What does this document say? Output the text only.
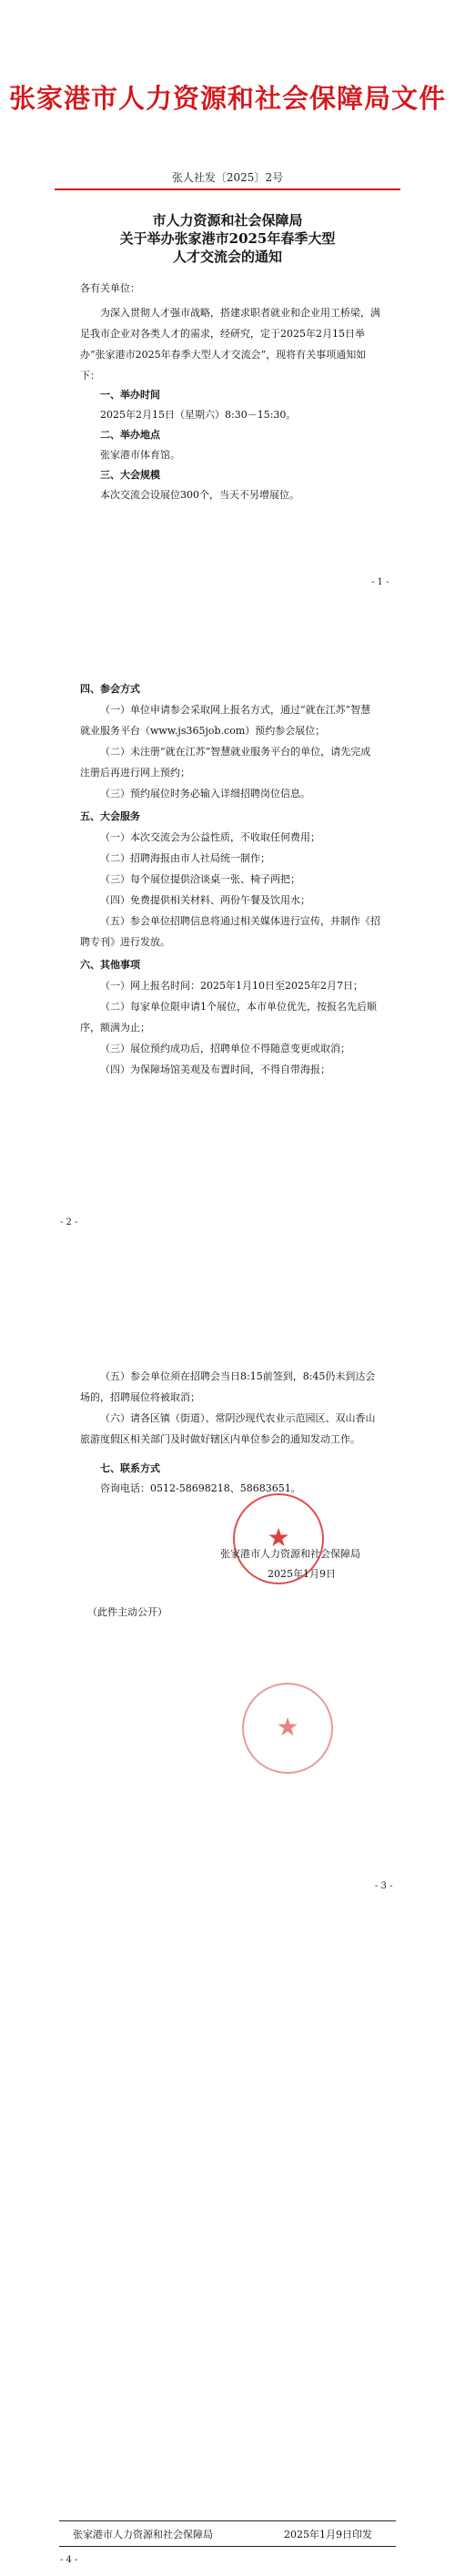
张家港市人力资源和社会保障局文件
张人社发〔2025〕2号
市人力资源和社会保障局
关于举办张家港市2025年春季大型
人才交流会的通知
各有关单位：
为深入贯彻人才强市战略，搭建求职者就业和企业用工桥梁，满足我市企业对各类人才的需求，经研究，定于2025年2月15日举办“张家港市2025年春季大型人才交流会”，现将有关事项通知如下：
一、举办时间
2025年2月15日（星期六）8:30－15:30。
二、举办地点
张家港市体育馆。
三、大会规模
本次交流会设展位300个，当天不另增展位。
- 1 -
四、参会方式
（一）单位申请参会采取网上报名方式，通过“就在江苏”智慧就业服务平台（www.js365job.com）预约参会展位；
（二）未注册“就在江苏”智慧就业服务平台的单位，请先完成注册后再进行网上预约；
（三）预约展位时务必输入详细招聘岗位信息。
五、大会服务
（一）本次交流会为公益性质，不收取任何费用；
（二）招聘海报由市人社局统一制作；
（三）每个展位提供洽谈桌一张、椅子两把；
（四）免费提供相关材料、两份午餐及饮用水；
（五）参会单位招聘信息将通过相关媒体进行宣传，并制作《招聘专刊》进行发放。
六、其他事项
（一）网上报名时间：2025年1月10日至2025年2月7日；
（二）每家单位限申请1个展位，本市单位优先，按报名先后顺序，额满为止；
（三）展位预约成功后，招聘单位不得随意变更或取消；
（四）为保障场馆美观及布置时间，不得自带海报；
- 2 -
（五）参会单位须在招聘会当日8:15前签到，8:45仍未到达会场的，招聘展位将被取消；
（六）请各区镇（街道）、常阴沙现代农业示范园区、双山香山旅游度假区相关部门及时做好辖区内单位参会的通知发动工作。
七、联系方式
咨询电话：0512-58698218、58683651。
★
张家港市人力资源和社会保障局
2025年1月9日
（此件主动公开）
★
- 3 -
张家港市人力资源和社会保障局	2025年1月9日印发
- 4 -
